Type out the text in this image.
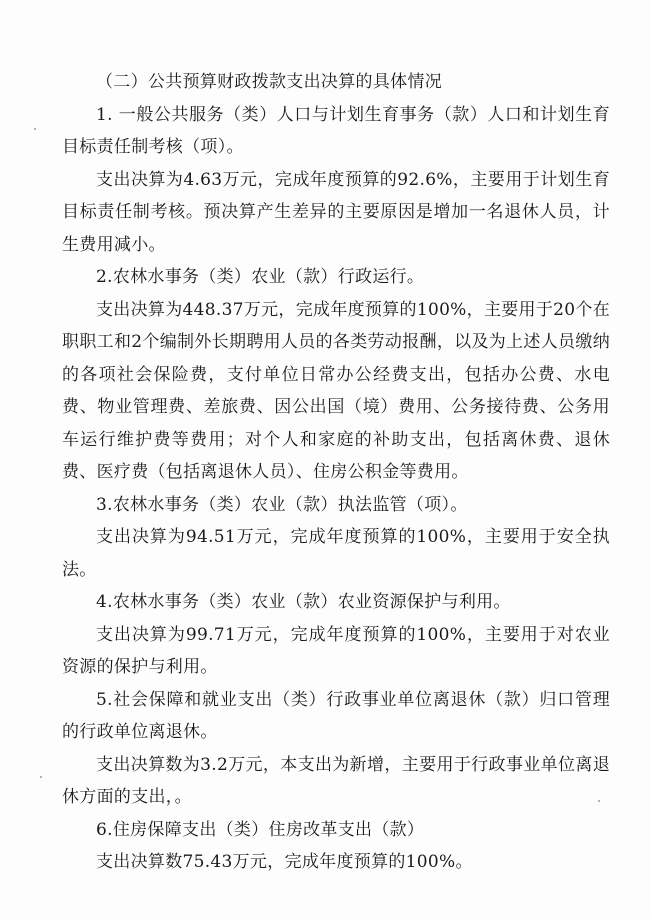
（二）公共预算财政拨款支出决算的具体情况

1. 一般公共服务（类）人口与计划生育事务（款）人口和计划生育目标责任制考核（项）。

支出决算为4.63万元，完成年度预算的92.6%，主要用于计划生育目标责任制考核。预决算产生差异的主要原因是增加一名退休人员，计生费用减小。

2.农林水事务（类）农业（款）行政运行。

支出决算为448.37万元，完成年度预算的100%，主要用于20个在职职工和2个编制外长期聘用人员的各类劳动报酬，以及为上述人员缴纳的各项社会保险费，支付单位日常办公经费支出，包括办公费、水电费、物业管理费、差旅费、因公出国（境）费用、公务接待费、公务用车运行维护费等费用；对个人和家庭的补助支出，包括离休费、退休费、医疗费（包括离退休人员）、住房公积金等费用。

3.农林水事务（类）农业（款）执法监管（项）。

支出决算为94.51万元，完成年度预算的100%，主要用于安全执法。

4.农林水事务（类）农业（款）农业资源保护与利用。

支出决算为99.71万元，完成年度预算的100%，主要用于对农业资源的保护与利用。

5.社会保障和就业支出（类）行政事业单位离退休（款）归口管理的行政单位离退休。

支出决算数为3.2万元，本支出为新增，主要用于行政事业单位离退休方面的支出，。

6.住房保障支出（类）住房改革支出（款）

支出决算数75.43万元，完成年度预算的100%。
